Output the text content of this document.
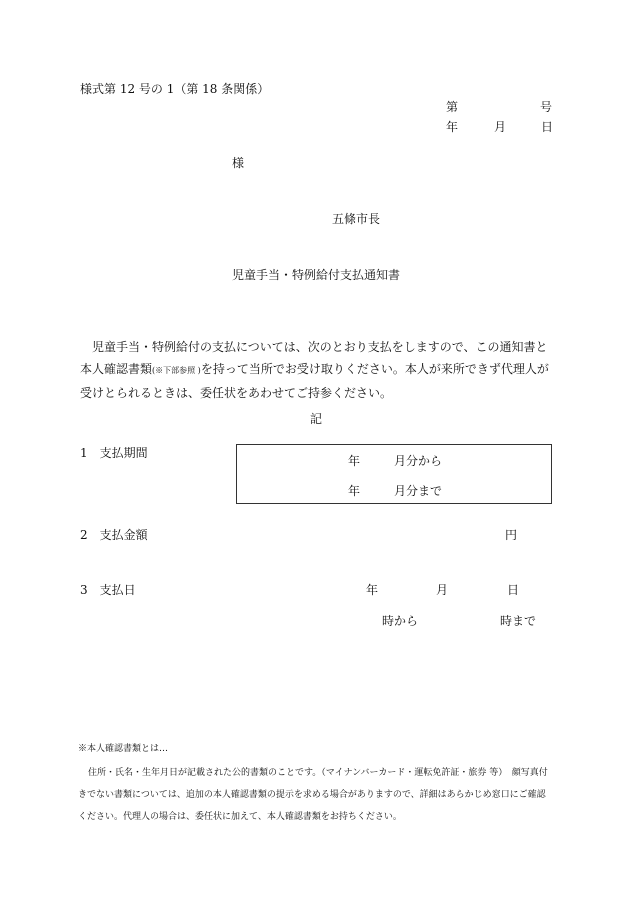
様式第 12 号の 1（第 18 条関係）
第	号
年	月	日
様
五條市長
児童手当・特例給付支払通知書
児童手当・特例給付の支払については、次のとおり支払をしますので、この通知書と本人確認書類(※下部参照 )を持って当所でお受け取りください。本人が来所できず代理人が受けとられるときは、委任状をあわせてご持参ください。
記
1　支払期間
年	月分から
年	月分まで
2　支払金額	円
3　支払日	年	月	日
時から	時まで
※本人確認書類とは…
住所・氏名・生年月日が記載された公的書類のことです。（マイナンバーカード・運転免許証・旅券 等）　顔写真付きでない書類については、追加の本人確認書類の提示を求める場合がありますので、詳細はあらかじめ窓口にご確認ください。代理人の場合は、委任状に加えて、本人確認書類をお持ちください。
